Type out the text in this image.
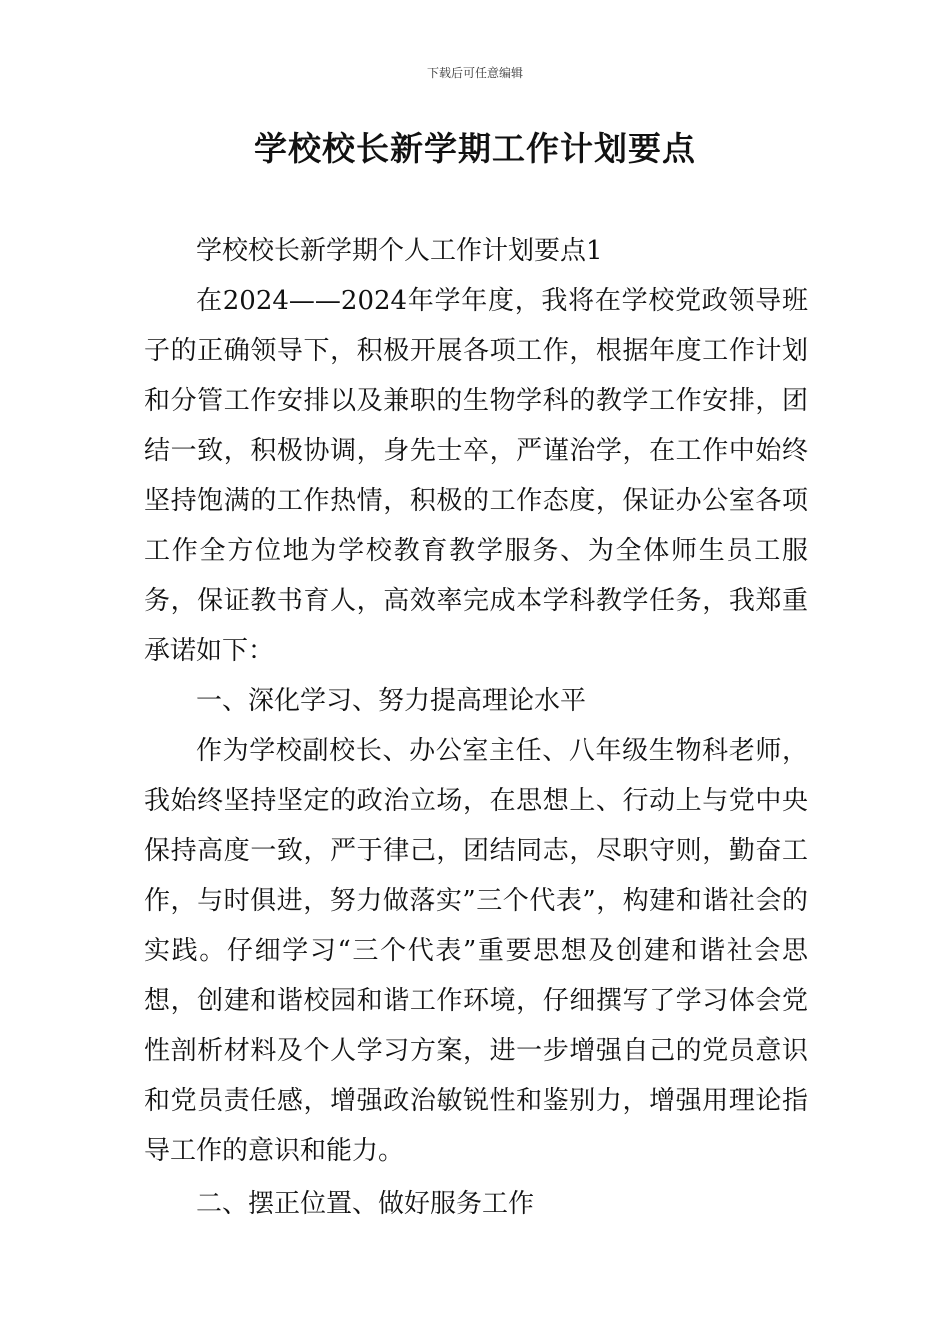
下载后可任意编辑
学校校长新学期工作计划要点

学校校长新学期个人工作计划要点1

在2024——2024年学年度，我将在学校党政领导班子的正确领导下，积极开展各项工作，根据年度工作计划和分管工作安排以及兼职的生物学科的教学工作安排，团结一致，积极协调，身先士卒，严谨治学，在工作中始终坚持饱满的工作热情，积极的工作态度，保证办公室各项工作全方位地为学校教育教学服务、为全体师生员工服务，保证教书育人，高效率完成本学科教学任务，我郑重承诺如下：

一、深化学习、努力提高理论水平

作为学校副校长、办公室主任、八年级生物科老师，我始终坚持坚定的政治立场，在思想上、行动上与党中央保持高度一致，严于律己，团结同志，尽职守则，勤奋工作，与时俱进，努力做落实”三个代表”，构建和谐社会的实践。仔细学习“三个代表”重要思想及创建和谐社会思想，创建和谐校园和谐工作环境，仔细撰写了学习体会党性剖析材料及个人学习方案，进一步增强自己的党员意识和党员责任感，增强政治敏锐性和鉴别力，增强用理论指导工作的意识和能力。

二、摆正位置、做好服务工作
